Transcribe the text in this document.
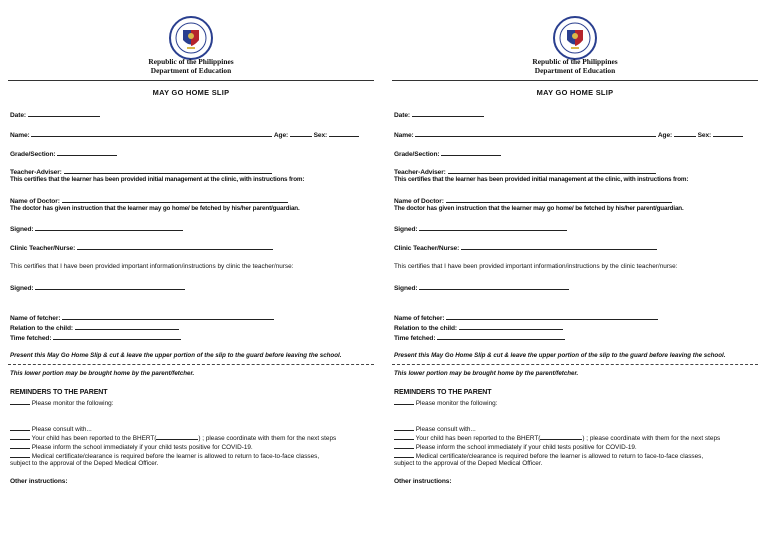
Republic of the Philippines
Department of Education
MAY GO HOME SLIP
Date:
Name:	Age:	Sex:
Grade/Section:
Teacher-Adviser:
This certifies that the learner has been provided initial management at the clinic, with instructions from:
Name of Doctor:
The doctor has given instruction that the learner may go home/ be fetched by his/her parent/guardian.
Signed:
Clinic Teacher/Nurse:
This certifies that I have been provided important information/instructions by clinic the teacher/nurse:
Signed:
Name of fetcher:
Relation to the child:
Time fetched:
Present this May Go Home Slip & cut & leave the upper portion of the slip to the guard before leaving the school.
This lower portion may be brought home by the parent/fetcher.
REMINDERS TO THE PARENT
Please monitor the following:
Please consult with...
Your child has been reported to the BHERT(	) ; please coordinate with them for the next steps
Please inform the school immediately if your child tests positive for COVID-19.
Medical certificate/clearance is required before the learner is allowed to return to face-to-face classes,
subject to the approval of the Deped Medical Officer.
Other instructions:
Republic of the Philippines
Department of Education
MAY GO HOME SLIP
Date:
Name:	Age:	Sex:
Grade/Section:
Teacher-Adviser:
This certifies that the learner has been provided initial management at the clinic, with instructions from:
Name of Doctor:
The doctor has given instruction that the learner may go home/ be fetched by his/her parent/guardian.
Signed:
Clinic Teacher/Nurse:
This certifies that I have been provided important information/instructions by the clinic teacher/nurse:
Signed:
Name of fetcher:
Relation to the child:
Time fetched:
Present this May Go Home Slip & cut & leave the upper portion of the slip to the guard before leaving the school.
This lower portion may be brought home by the parent/fetcher.
REMINDERS TO THE PARENT
Please monitor the following:
Please consult with...
Your child has been reported to the BHERT(	) ; please coordinate with them for the next steps
Please inform the school immediately if your child tests positive for COVID-19.
Medical certificate/clearance is required before the learner is allowed to return to face-to-face classes,
subject to the approval of the Deped Medical Officer.
Other instructions:
